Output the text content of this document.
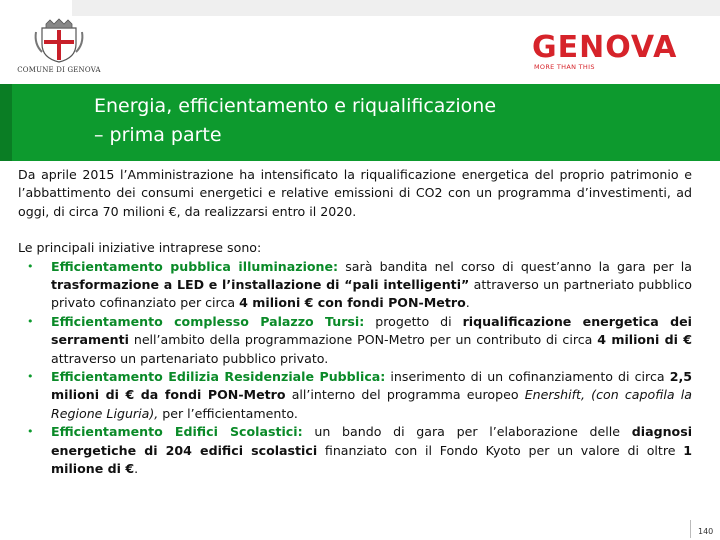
COMUNE DI GENOVA
GENOVA
MORE THAN THIS
Energia, efficientamento e riqualificazione
– prima parte

Da aprile 2015 l’Amministrazione ha intensificato la riqualificazione energetica del proprio patrimonio e l’abbattimento dei consumi energetici e relative emissioni di CO2 con un programma d’investimenti, ad oggi, di circa 70 milioni €, da realizzarsi entro il 2020.

Le principali iniziative intraprese sono:

• Efficientamento pubblica illuminazione: sarà bandita nel corso di quest’anno la gara per la trasformazione a LED e l’installazione di “pali intelligenti” attraverso un partneriato pubblico privato cofinanziato per circa 4 milioni € con fondi PON-Metro.
• Efficientamento complesso Palazzo Tursi: progetto di riqualificazione energetica dei serramenti nell’ambito della programmazione PON-Metro per un contributo di circa 4 milioni di € attraverso un partenariato pubblico privato.
• Efficientamento Edilizia Residenziale Pubblica: inserimento di un cofinanziamento di circa 2,5 milioni di € da fondi PON-Metro all’interno del programma europeo Enershift, (con capofila la Regione Liguria), per l’efficientamento.
• Efficientamento Edifici Scolastici: un bando di gara per l’elaborazione delle diagnosi energetiche di 204 edifici scolastici finanziato con il Fondo Kyoto per un valore di oltre 1 milione di €.
140
